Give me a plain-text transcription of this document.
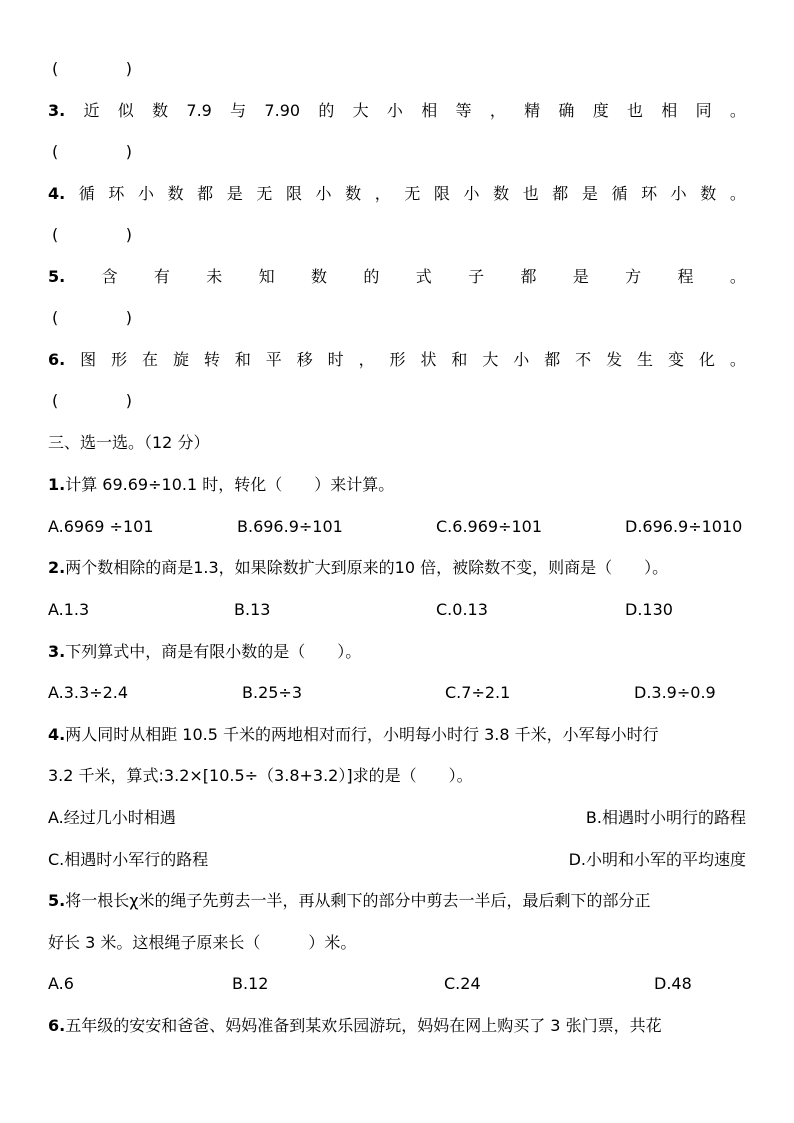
(	)
3. 近 似 数 7.9 与 7.90 的 大 小 相 等 ， 精 确 度 也 相 同 。
(	)
4. 循 环 小 数 都 是 无 限 小 数 ， 无 限 小 数 也 都 是 循 环 小 数 。
(	)
5. 含 有 未 知 数 的 式 子 都 是 方 程 。
(	)
6. 图 形 在 旋 转 和 平 移 时 ， 形 状 和 大 小 都 不 发 生 变 化 。
(	)
三、选一选。（12 分）
1.计算 69.69÷10.1 时，转化（　　）来计算。
A.6969 ÷101	B.696.9÷101	C.6.969÷101	D.696.9÷1010
2.两个数相除的商是1.3，如果除数扩大到原来的10 倍，被除数不变，则商是（　　）。
A.1.3	B.13	C.0.13	D.130
3.下列算式中，商是有限小数的是（　　）。
A.3.3÷2.4	B.25÷3	C.7÷2.1	D.3.9÷0.9
4.两人同时从相距 10.5 千米的两地相对而行，小明每小时行 3.8 千米，小军每小时行
3.2 千米，算式:3.2×[10.5÷（3.8+3.2）]求的是（　　）。
A.经过几小时相遇	B.相遇时小明行的路程
C.相遇时小军行的路程	D.小明和小军的平均速度
5.将一根长χ米的绳子先剪去一半，再从剩下的部分中剪去一半后，最后剩下的部分正
好长 3 米。这根绳子原来长（　　　）米。
A.6	B.12	C.24	D.48
6.五年级的安安和爸爸、妈妈准备到某欢乐园游玩，妈妈在网上购买了 3 张门票，共花
